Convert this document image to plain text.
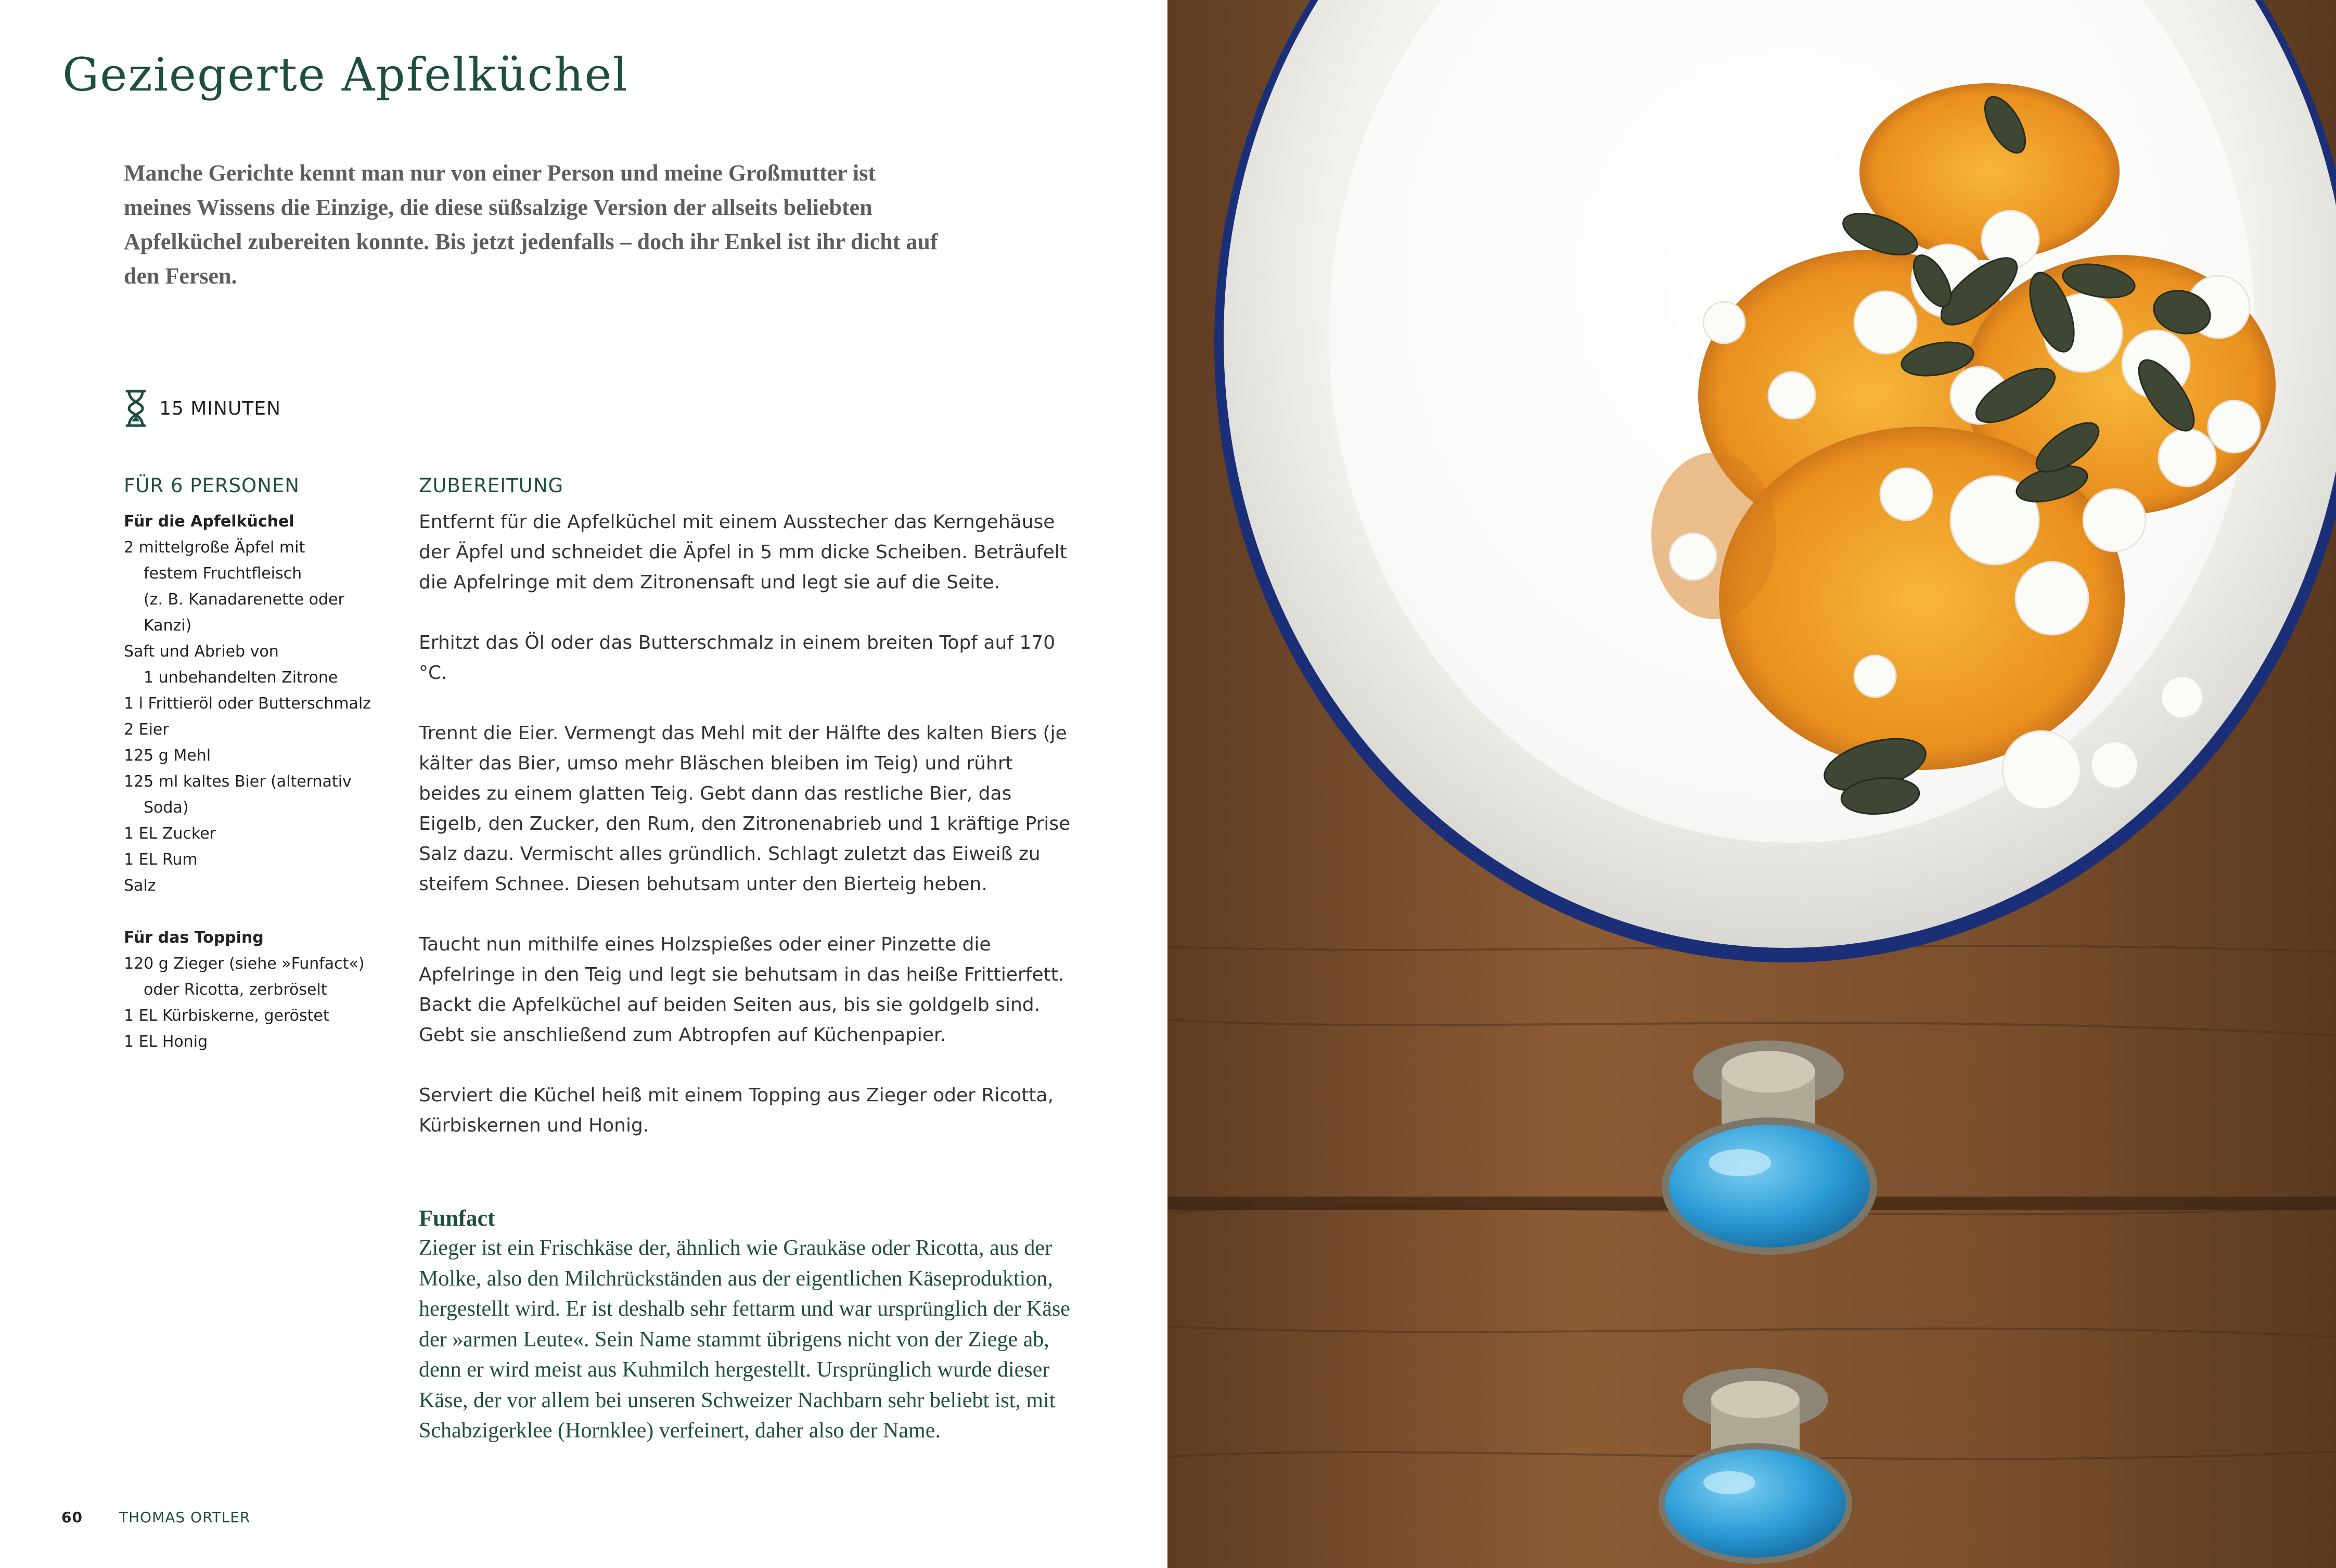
Geziegerte Apfelküchel

Manche Gerichte kennt man nur von einer Person und meine Großmutter ist meines Wissens die Einzige, die diese süßsalzige Version der allseits beliebten Apfelküchel zubereiten konnte. Bis jetzt jedenfalls – doch ihr Enkel ist ihr dicht auf den Fersen.

15 MINUTEN
FÜR 6 PERSONEN
Für die Apfelküchel
2 mittelgroße Äpfel mit
festem Fruchtfleisch
(z. B. Kanadarenette oder
Kanzi)
Saft und Abrieb von
1 unbehandelten Zitrone
1 l Frittieröl oder Butterschmalz
2 Eier
125 g Mehl
125 ml kaltes Bier (alternativ
Soda)
1 EL Zucker
1 EL Rum
Salz
Für das Topping
120 g Zieger (siehe »Funfact«)
oder Ricotta, zerbröselt
1 EL Kürbiskerne, geröstet
1 EL Honig
ZUBEREITUNG

Entfernt für die Apfelküchel mit einem Ausstecher das Kerngehäuse der Äpfel und schneidet die Äpfel in 5 mm dicke Scheiben. Beträufelt die Apfelringe mit dem Zitronensaft und legt sie auf die Seite.

Erhitzt das Öl oder das Butterschmalz in einem breiten Topf auf 170 °C.

Trennt die Eier. Vermengt das Mehl mit der Hälfte des kalten Biers (je kälter das Bier, umso mehr Bläschen bleiben im Teig) und rührt beides zu einem glatten Teig. Gebt dann das restliche Bier, das Eigelb, den Zucker, den Rum, den Zitronenabrieb und 1 kräftige Prise Salz dazu. Vermischt alles gründlich. Schlagt zuletzt das Eiweiß zu steifem Schnee. Diesen behutsam unter den Bierteig heben.

Taucht nun mithilfe eines Holzspießes oder einer Pinzette die Apfelringe in den Teig und legt sie behutsam in das heiße Frittierfett. Backt die Apfelküchel auf beiden Seiten aus, bis sie goldgelb sind. Gebt sie anschließend zum Abtropfen auf Küchenpapier.

Serviert die Küchel heiß mit einem Topping aus Zieger oder Ricotta, Kürbiskernen und Honig.

Funfact
Zieger ist ein Frischkäse der, ähnlich wie Graukäse oder Ricotta, aus der Molke, also den Milchrückständen aus der eigentlichen Käseproduktion, hergestellt wird. Er ist deshalb sehr fettarm und war ursprünglich der Käse der »armen Leute«. Sein Name stammt übrigens nicht von der Ziege ab, denn er wird meist aus Kuhmilch hergestellt. Ursprünglich wurde dieser Käse, der vor allem bei unseren Schweizer Nachbarn sehr beliebt ist, mit Schabzigerklee (Hornklee) verfeinert, daher also der Name.
60 THOMAS ORTLER
